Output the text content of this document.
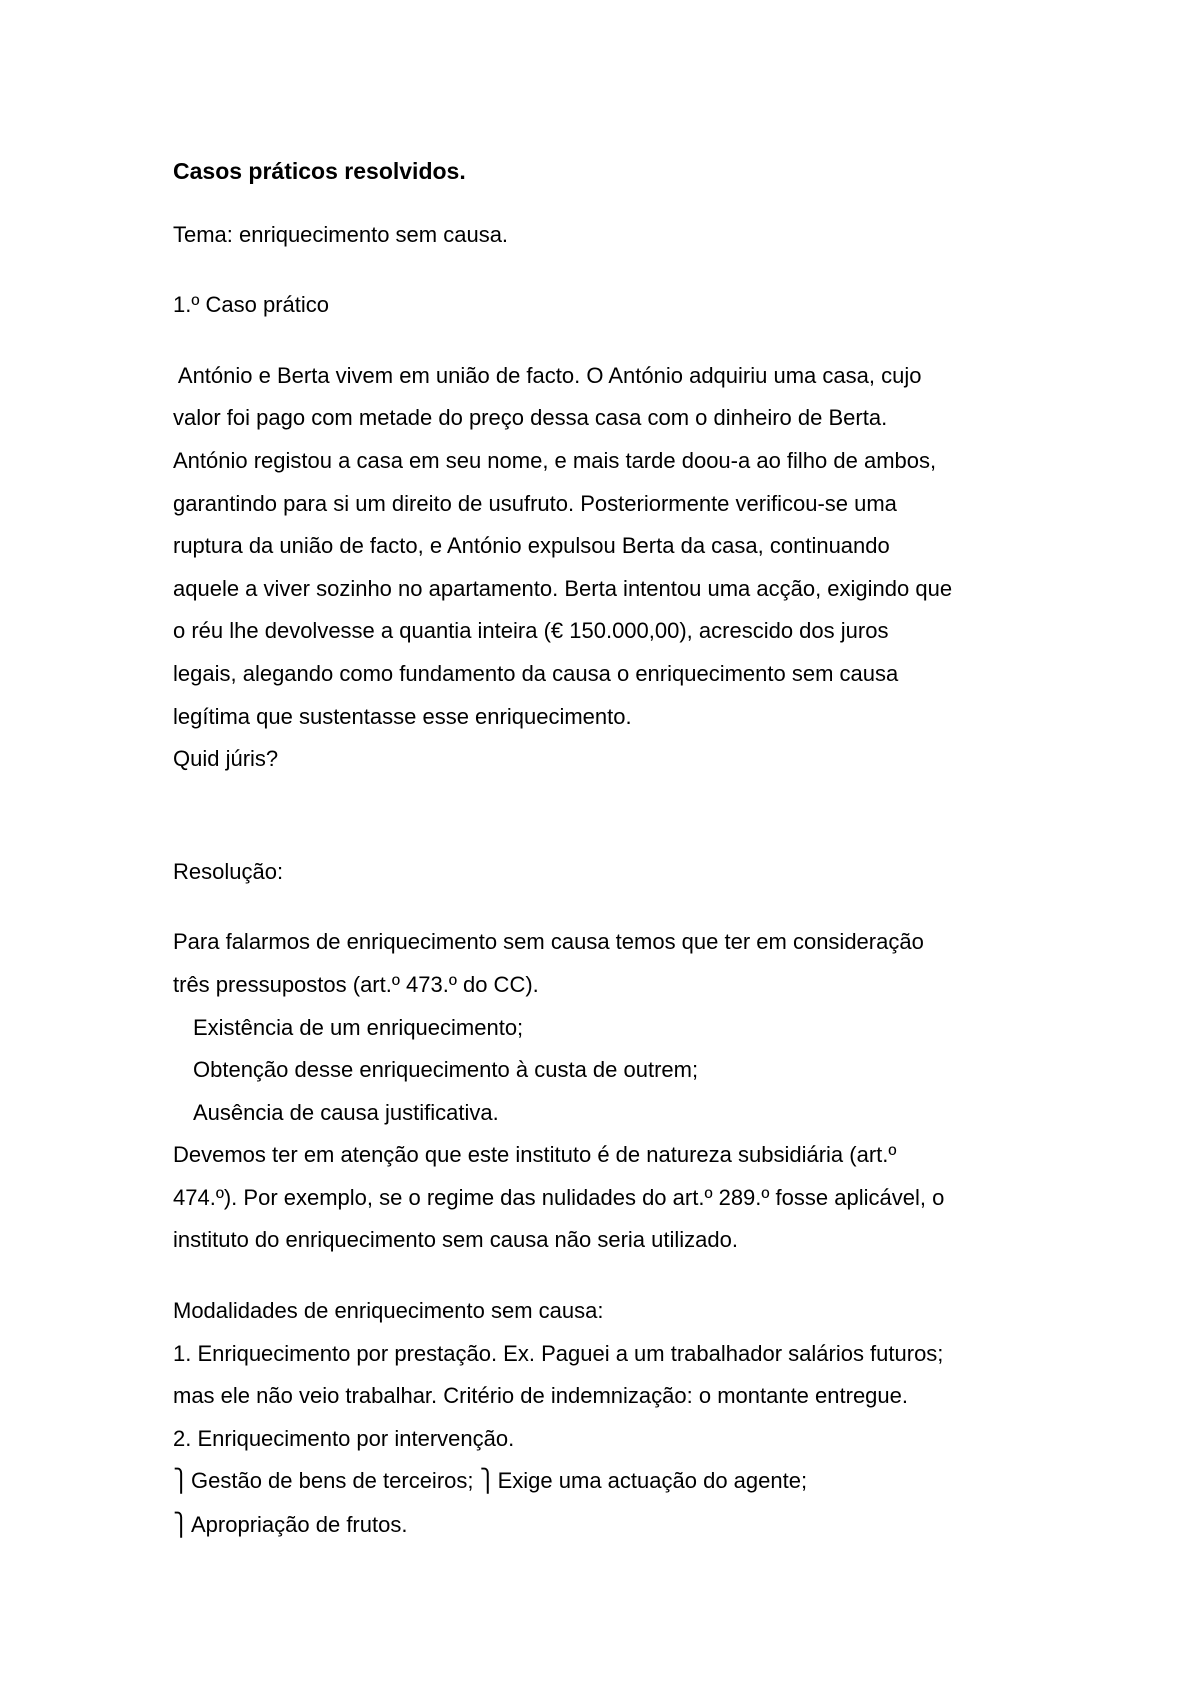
Casos práticos resolvidos.

Tema: enriquecimento sem causa.

1.º Caso prático

António e Berta vivem em união de facto. O António adquiriu uma casa, cujo

valor foi pago com metade do preço dessa casa com o dinheiro de Berta.

António registou a casa em seu nome, e mais tarde doou-a ao filho de ambos,

garantindo para si um direito de usufruto. Posteriormente verificou-se uma

ruptura da união de facto, e António expulsou Berta da casa, continuando

aquele a viver sozinho no apartamento. Berta intentou uma acção, exigindo que

o réu lhe devolvesse a quantia inteira (€ 150.000,00), acrescido dos juros

legais, alegando como fundamento da causa o enriquecimento sem causa

legítima que sustentasse esse enriquecimento.

Quid júris?

Resolução:

Para falarmos de enriquecimento sem causa temos que ter em consideração

três pressupostos (art.º 473.º do CC).

Existência de um enriquecimento;

Obtenção desse enriquecimento à custa de outrem;

Ausência de causa justificativa.

Devemos ter em atenção que este instituto é de natureza subsidiária (art.º

474.º). Por exemplo, se o regime das nulidades do art.º 289.º fosse aplicável, o

instituto do enriquecimento sem causa não seria utilizado.

Modalidades de enriquecimento sem causa:

1. Enriquecimento por prestação. Ex. Paguei a um trabalhador salários futuros;

mas ele não veio trabalhar. Critério de indemnização: o montante entregue.

2. Enriquecimento por intervenção.

⎫Gestão de bens de terceiros; ⎫Exige uma actuação do agente;

⎫Apropriação de frutos.
